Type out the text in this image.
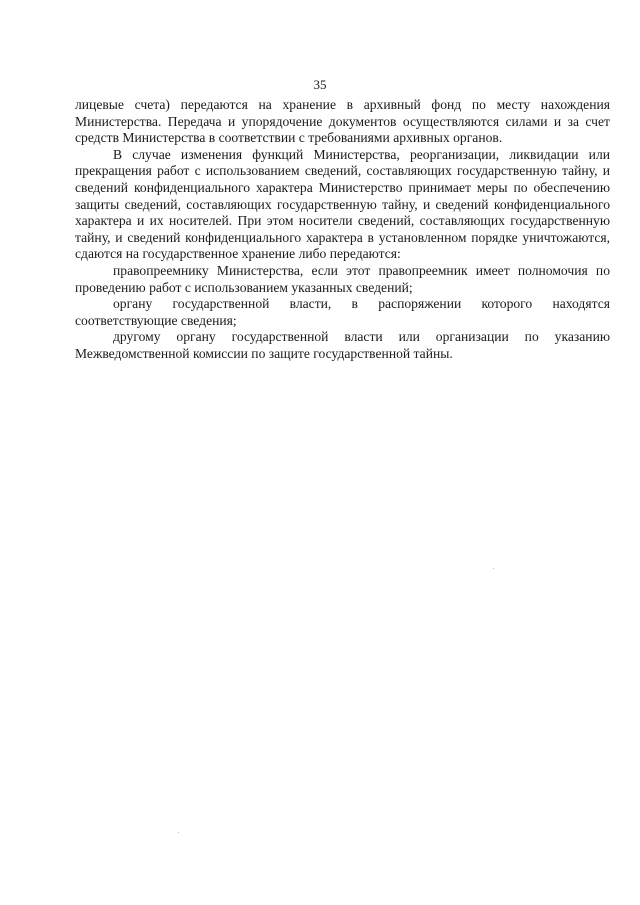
35

лицевые счета) передаются на хранение в архивный фонд по месту нахождения Министерства. Передача и упорядочение документов осуществляются силами и за счет средств Министерства в соответствии с требованиями архивных органов.

В случае изменения функций Министерства, реорганизации, ликвидации или прекращения работ с использованием сведений, составляющих государственную тайну, и сведений конфиденциального характера Министерство принимает меры по обеспечению защиты сведений, составляющих государственную тайну, и сведений конфиденциального характера и их носителей. При этом носители сведений, составляющих государственную тайну, и сведений конфиденциального характера в установленном порядке уничтожаются, сдаются на государственное хранение либо передаются:

правопреемнику Министерства, если этот правопреемник имеет полномочия по проведению работ с использованием указанных сведений;

органу государственной власти, в распоряжении которого находятся соответствующие сведения;

другому органу государственной власти или организации по указанию Межведомственной комиссии по защите государственной тайны.
